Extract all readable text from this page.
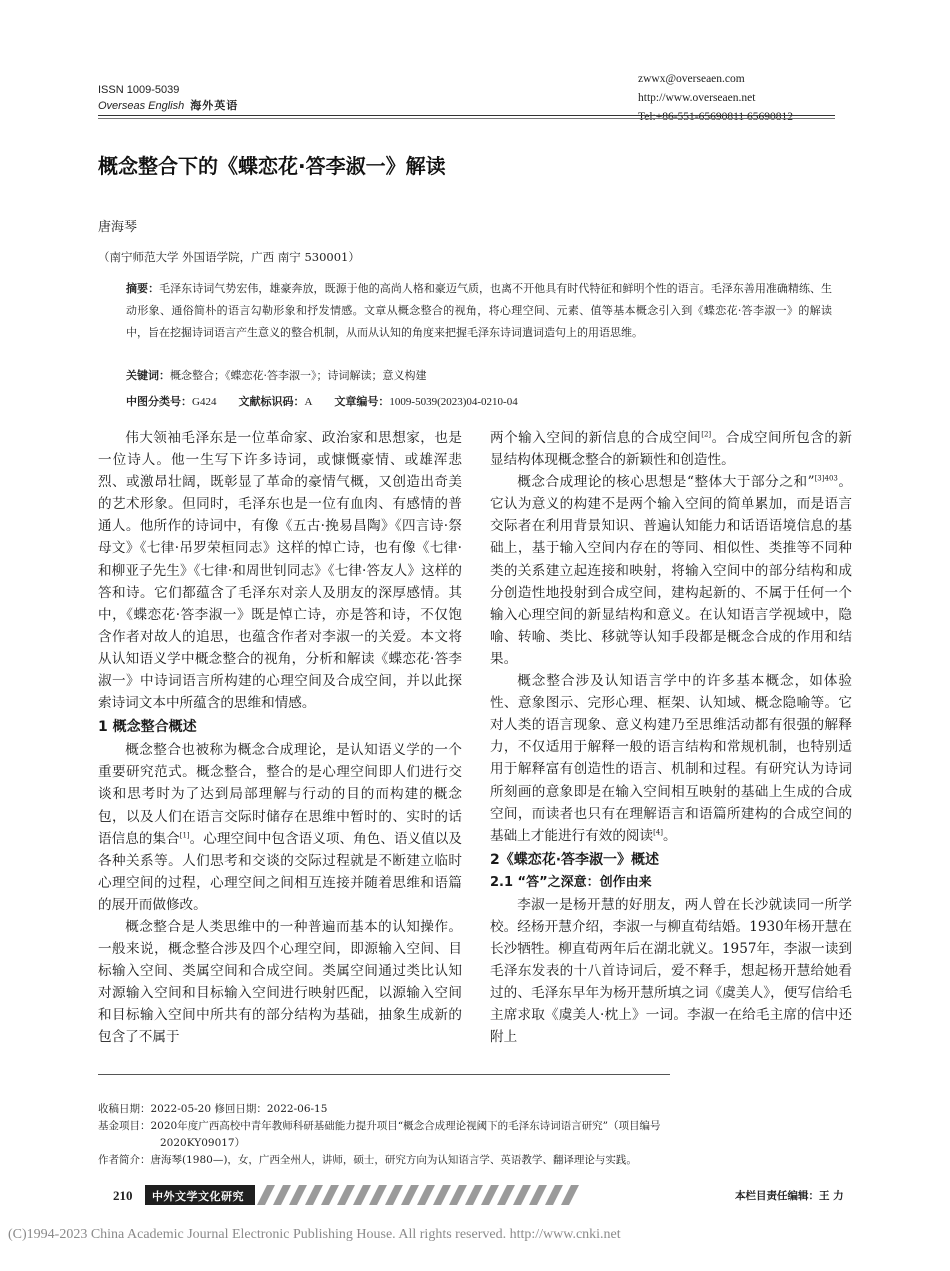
ISSN 1009-5039
Overseas English 海外英语
zwwx@overseaen.com
http://www.overseaen.net
Tel:+86-551-65690811 65690812
概念整合下的《蝶恋花·答李淑一》解读
唐海琴
（南宁师范大学 外国语学院，广西 南宁 530001）
摘要：毛泽东诗词气势宏伟，雄豪奔放，既源于他的高尚人格和豪迈气质，也离不开他具有时代特征和鲜明个性的语言。毛泽东善用准确精练、生动形象、通俗简朴的语言勾勒形象和抒发情感。文章从概念整合的视角，将心理空间、元素、值等基本概念引入到《蝶恋花·答李淑一》的解读中，旨在挖掘诗词语言产生意义的整合机制，从而从认知的角度来把握毛泽东诗词遣词造句上的用语思维。
关键词：概念整合；《蝶恋花·答李淑一》；诗词解读；意义构建
中图分类号：G424 文献标识码：A 文章编号：1009-5039(2023)04-0210-04

伟大领袖毛泽东是一位革命家、政治家和思想家，也是一位诗人。他一生写下许多诗词，或慷慨豪情、或雄浑悲烈、或激昂壮阔，既彰显了革命的豪情气概，又创造出奇美的艺术形象。但同时，毛泽东也是一位有血肉、有感情的普通人。他所作的诗词中，有像《五古·挽易昌陶》《四言诗·祭母文》《七律·吊罗荣桓同志》这样的悼亡诗，也有像《七律·和柳亚子先生》《七律·和周世钊同志》《七律·答友人》这样的答和诗。它们都蕴含了毛泽东对亲人及朋友的深厚感情。其中，《蝶恋花·答李淑一》既是悼亡诗，亦是答和诗，不仅饱含作者对故人的追思，也蕴含作者对李淑一的关爱。本文将从认知语义学中概念整合的视角，分析和解读《蝶恋花·答李淑一》中诗词语言所构建的心理空间及合成空间，并以此探索诗词文本中所蕴含的思维和情感。

1 概念整合概述

概念整合也被称为概念合成理论，是认知语义学的一个重要研究范式。概念整合，整合的是心理空间即人们进行交谈和思考时为了达到局部理解与行动的目的而构建的概念包，以及人们在语言交际时储存在思维中暂时的、实时的话语信息的集合[1]。心理空间中包含语义项、角色、语义值以及各种关系等。人们思考和交谈的交际过程就是不断建立临时心理空间的过程，心理空间之间相互连接并随着思维和语篇的展开而做修改。

概念整合是人类思维中的一种普遍而基本的认知操作。一般来说，概念整合涉及四个心理空间，即源输入空间、目标输入空间、类属空间和合成空间。类属空间通过类比认知对源输入空间和目标输入空间进行映射匹配，以源输入空间和目标输入空间中所共有的部分结构为基础，抽象生成新的包含了不属于

两个输入空间的新信息的合成空间[2]。合成空间所包含的新显结构体现概念整合的新颖性和创造性。

概念合成理论的核心思想是“整体大于部分之和”$^{[3]403}$。它认为意义的构建不是两个输入空间的简单累加，而是语言交际者在利用背景知识、普遍认知能力和话语语境信息的基础上，基于输入空间内存在的等同、相似性、类推等不同种类的关系建立起连接和映射，将输入空间中的部分结构和成分创造性地投射到合成空间，建构起新的、不属于任何一个输入心理空间的新显结构和意义。在认知语言学视域中，隐喻、转喻、类比、移就等认知手段都是概念合成的作用和结果。

概念整合涉及认知语言学中的许多基本概念，如体验性、意象图示、完形心理、框架、认知域、概念隐喻等。它对人类的语言现象、意义构建乃至思维活动都有很强的解释力，不仅适用于解释一般的语言结构和常规机制，也特别适用于解释富有创造性的语言、机制和过程。有研究认为诗词所刻画的意象即是在输入空间相互映射的基础上生成的合成空间，而读者也只有在理解语言和语篇所建构的合成空间的基础上才能进行有效的阅读[4]。

2《蝶恋花·答李淑一》概述
2.1 “答”之深意：创作由来

李淑一是杨开慧的好朋友，两人曾在长沙就读同一所学校。经杨开慧介绍，李淑一与柳直荀结婚。1930年杨开慧在长沙牺牲。柳直荀两年后在湖北就义。1957年，李淑一读到毛泽东发表的十八首诗词后，爱不释手，想起杨开慧给她看过的、毛泽东早年为杨开慧所填之词《虞美人》，便写信给毛主席求取《虞美人·枕上》一词。李淑一在给毛主席的信中还附上

收稿日期：2022-05-20 修回日期：2022-06-15

基金项目：2020年度广西高校中青年教师科研基础能力提升项目“概念合成理论视阈下的毛泽东诗词语言研究”（项目编号

2020KY09017）

作者简介：唐海琴(1980—)，女，广西全州人，讲师，硕士，研究方向为认知语言学、英语教学、翻译理论与实践。

210 中外文学文化研究	本栏目责任编辑：王 力
(C)1994-2023 China Academic Journal Electronic Publishing House. All rights reserved. http://www.cnki.net
